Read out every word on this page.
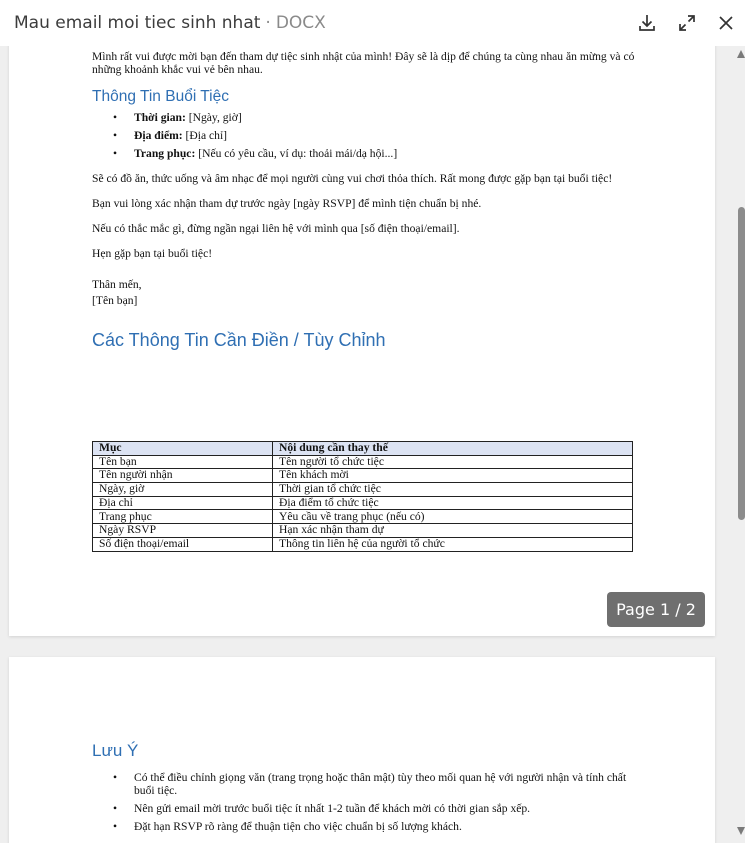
Mau email moi tiec sinh nhat · DOCX
Mình rất vui được mời bạn đến tham dự tiệc sinh nhật của mình! Đây sẽ là dịp để chúng ta cùng nhau ăn mừng và có những khoảnh khắc vui vẻ bên nhau.
Thông Tin Buổi Tiệc
• Thời gian: [Ngày, giờ]
• Địa điểm: [Địa chỉ]
• Trang phục: [Nếu có yêu cầu, ví dụ: thoải mái/dạ hội...]
Sẽ có đồ ăn, thức uống và âm nhạc để mọi người cùng vui chơi thỏa thích. Rất mong được gặp bạn tại buổi tiệc!
Bạn vui lòng xác nhận tham dự trước ngày [ngày RSVP] để mình tiện chuẩn bị nhé.
Nếu có thắc mắc gì, đừng ngần ngại liên hệ với mình qua [số điện thoại/email].
Hẹn gặp bạn tại buổi tiệc!
Thân mến,
[Tên bạn]
Các Thông Tin Cần Điền / Tùy Chỉnh
Mục	Nội dung cần thay thế
Tên bạn	Tên người tổ chức tiệc
Tên người nhận	Tên khách mời
Ngày, giờ	Thời gian tổ chức tiệc
Địa chỉ	Địa điểm tổ chức tiệc
Trang phục	Yêu cầu về trang phục (nếu có)
Ngày RSVP	Hạn xác nhận tham dự
Số điện thoại/email	Thông tin liên hệ của người tổ chức
Lưu Ý
• Có thể điều chỉnh giọng văn (trang trọng hoặc thân mật) tùy theo mối quan hệ với người nhận và tính chất buổi tiệc.
• Nên gửi email mời trước buổi tiệc ít nhất 1-2 tuần để khách mời có thời gian sắp xếp.
• Đặt hạn RSVP rõ ràng để thuận tiện cho việc chuẩn bị số lượng khách.
Page 1 / 2
